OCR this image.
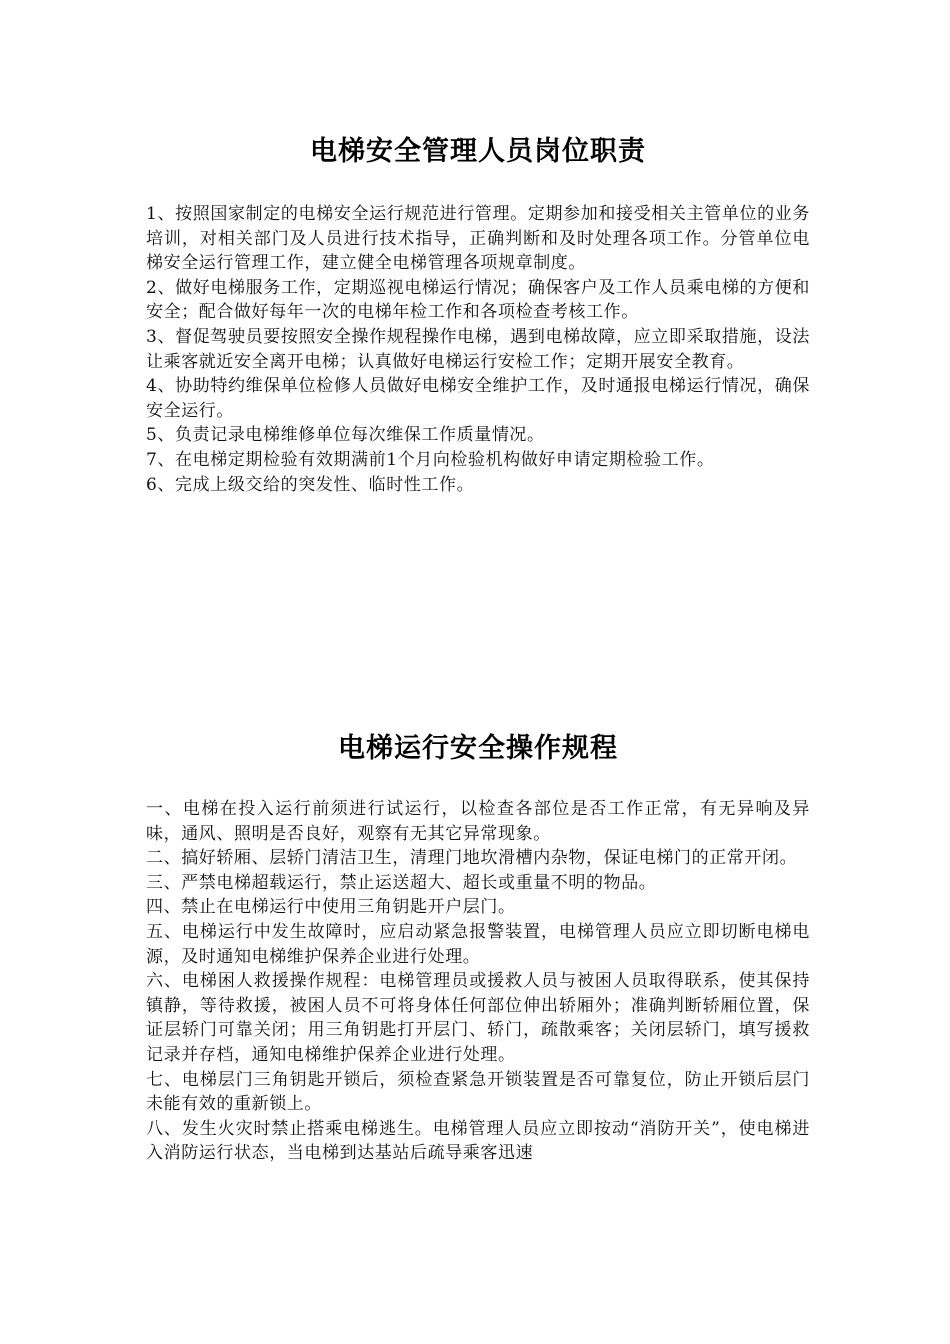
电梯安全管理人员岗位职责

1、按照国家制定的电梯安全运行规范进行管理。定期参加和接受相关主管单位的业务培训，对相关部门及人员进行技术指导，正确判断和及时处理各项工作。分管单位电梯安全运行管理工作，建立健全电梯管理各项规章制度。

2、做好电梯服务工作，定期巡视电梯运行情况；确保客户及工作人员乘电梯的方便和安全；配合做好每年一次的电梯年检工作和各项检查考核工作。

3、督促驾驶员要按照安全操作规程操作电梯，遇到电梯故障，应立即采取措施，设法让乘客就近安全离开电梯；认真做好电梯运行安检工作；定期开展安全教育。

4、协助特约维保单位检修人员做好电梯安全维护工作，及时通报电梯运行情况，确保安全运行。

5、负责记录电梯维修单位每次维保工作质量情况。

7、在电梯定期检验有效期满前1个月向检验机构做好申请定期检验工作。

6、完成上级交给的突发性、临时性工作。

电梯运行安全操作规程

一、电梯在投入运行前须进行试运行，以检查各部位是否工作正常，有无异响及异味，通风、照明是否良好，观察有无其它异常现象。

二、搞好轿厢、层轿门清洁卫生，清理门地坎滑槽内杂物，保证电梯门的正常开闭。

三、严禁电梯超载运行，禁止运送超大、超长或重量不明的物品。

四、禁止在电梯运行中使用三角钥匙开户层门。

五、电梯运行中发生故障时，应启动紧急报警装置，电梯管理人员应立即切断电梯电源，及时通知电梯维护保养企业进行处理。

六、电梯困人救援操作规程：电梯管理员或援救人员与被困人员取得联系，使其保持镇静，等待救援，被困人员不可将身体任何部位伸出轿厢外；准确判断轿厢位置，保证层轿门可靠关闭；用三角钥匙打开层门、轿门，疏散乘客；关闭层轿门，填写援救记录并存档，通知电梯维护保养企业进行处理。

七、电梯层门三角钥匙开锁后，须检查紧急开锁装置是否可靠复位，防止开锁后层门未能有效的重新锁上。

八、发生火灾时禁止搭乘电梯逃生。电梯管理人员应立即按动“消防开关”，使电梯进入消防运行状态，当电梯到达基站后疏导乘客迅速
